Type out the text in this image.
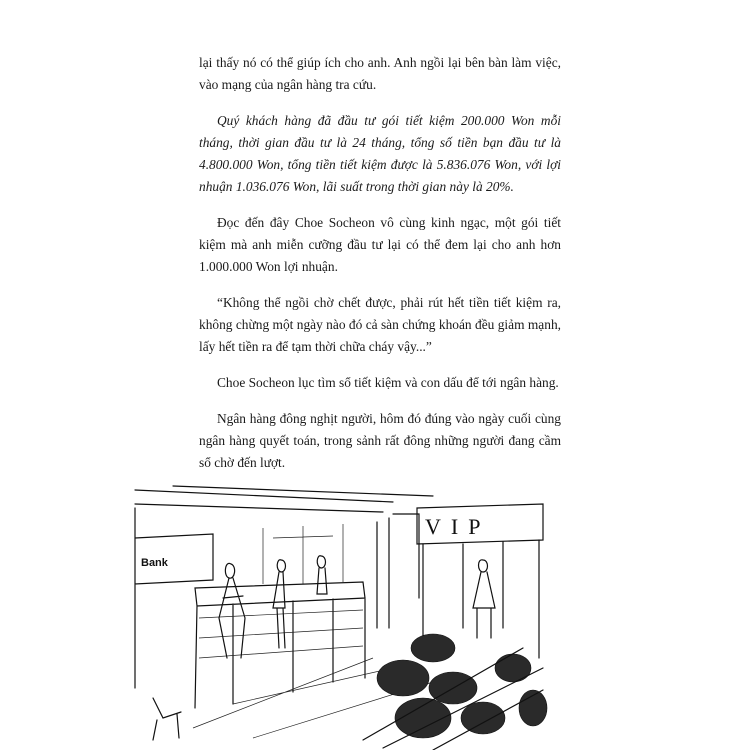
lại thấy nó có thể giúp ích cho anh. Anh ngồi lại bên bàn làm việc, vào mạng của ngân hàng tra cứu.

Quý khách hàng đã đầu tư gói tiết kiệm 200.000 Won mỗi tháng, thời gian đầu tư là 24 tháng, tổng số tiền bạn đầu tư là 4.800.000 Won, tổng tiền tiết kiệm được là 5.836.076 Won, với lợi nhuận 1.036.076 Won, lãi suất trong thời gian này là 20%.

Đọc đến đây Choe Socheon vô cùng kinh ngạc, một gói tiết kiệm mà anh miễn cưỡng đầu tư lại có thể đem lại cho anh hơn 1.000.000 Won lợi nhuận.

“Không thể ngồi chờ chết được, phải rút hết tiền tiết kiệm ra, không chừng một ngày nào đó cả sàn chứng khoán đều giảm mạnh, lấy hết tiền ra để tạm thời chữa cháy vậy...”

Choe Socheon lục tìm sổ tiết kiệm và con dấu để tới ngân hàng.

Ngân hàng đông nghịt người, hôm đó đúng vào ngày cuối cùng ngân hàng quyết toán, trong sảnh rất đông những người đang cầm sổ chờ đến lượt.

Bank
VIP
